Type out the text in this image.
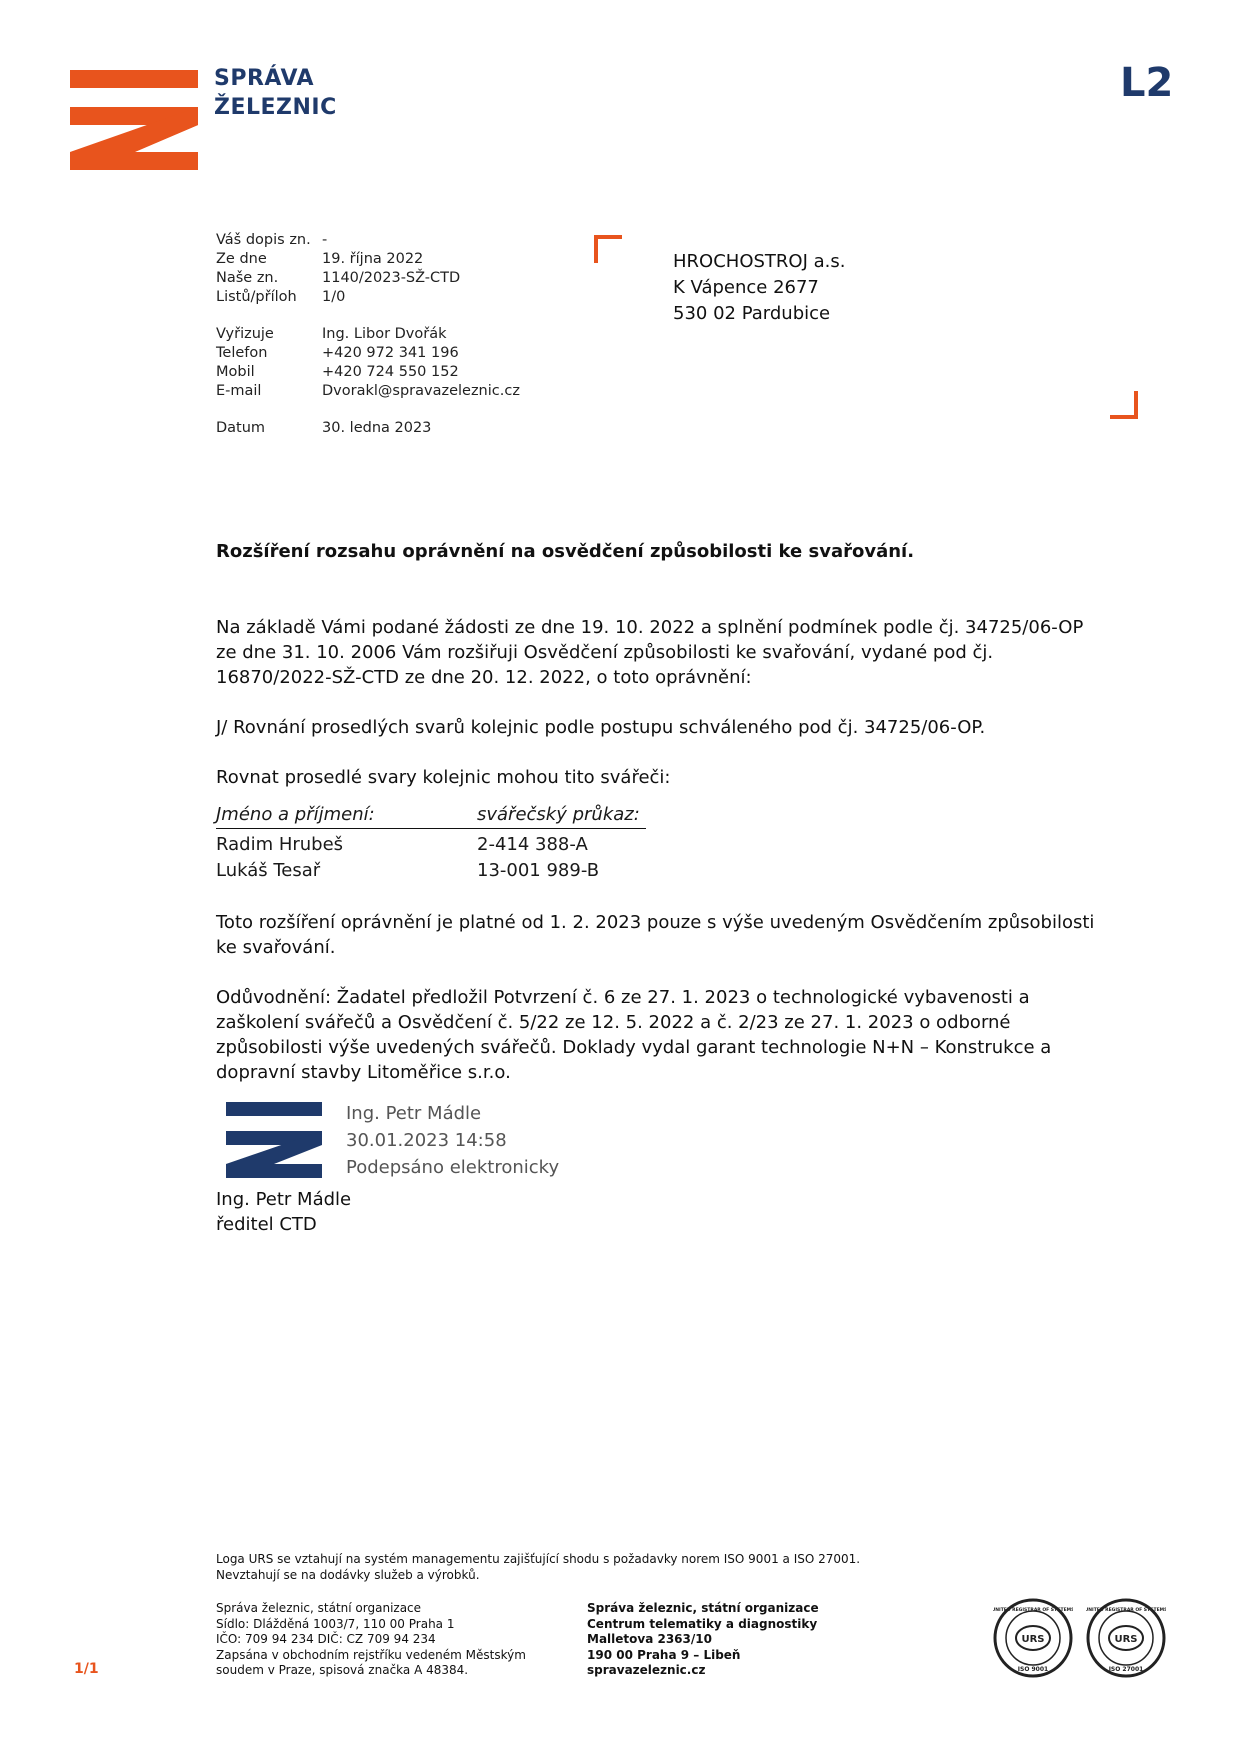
SPRÁVA
ŽELEZNIC
L2
Váš dopis zn. -
Ze dne	19. října 2022
Naše zn.	1140/2023-SŽ-CTD
Listů/příloh	1/0
Vyřizuje	Ing. Libor Dvořák
Telefon	+420 972 341 196
Mobil	+420 724 550 152
E-mail	Dvorakl@spravazeleznic.cz
Datum	30. ledna 2023
HROCHOSTROJ a.s.
K Vápence 2677
530 02 Pardubice
Rozšíření rozsahu oprávnění na osvědčení způsobilosti ke svařování.

Na základě Vámi podané žádosti ze dne 19. 10. 2022 a splnění podmínek podle čj. 34725/06-OP ze dne 31. 10. 2006 Vám rozšiřuji Osvědčení způsobilosti ke svařování, vydané pod čj. 16870/2022-SŽ-CTD ze dne 20. 12. 2022, o toto oprávnění:

J/ Rovnání prosedlých svarů kolejnic podle postupu schváleného pod čj. 34725/06-OP.

Rovnat prosedlé svary kolejnic mohou tito svářeči:

Jméno a příjmení:	svářečský průkaz:
Radim Hrubeš	2-414 388-A
Lukáš Tesař	13-001 989-B

Toto rozšíření oprávnění je platné od 1. 2. 2023 pouze s výše uvedeným Osvědčením způsobilosti ke svařování.

Odůvodnění: Žadatel předložil Potvrzení č. 6 ze 27. 1. 2023 o technologické vybavenosti a zaškolení svářečů a Osvědčení č. 5/22 ze 12. 5. 2022 a č. 2/23 ze 27. 1. 2023 o odborné způsobilosti výše uvedených svářečů. Doklady vydal garant technologie N+N – Konstrukce a dopravní stavby Litoměřice s.r.o.

Ing. Petr Mádle
30.01.2023 14:58
Podepsáno elektronicky
Ing. Petr Mádle
ředitel CTD
Loga URS se vztahují na systém managementu zajišťující shodu s požadavky norem ISO 9001 a ISO 27001.
Nevztahují se na dodávky služeb a výrobků.
Správa železnic, státní organizace
Sídlo: Dlážděná 1003/7, 110 00 Praha 1
IČO: 709 94 234 DIČ: CZ 709 94 234
Zapsána v obchodním rejstříku vedeném Městským
soudem v Praze, spisová značka A 48384.
Správa železnic, státní organizace
Centrum telematiky a diagnostiky
Malletova 2363/10
190 00 Praha 9 – Libeň
spravazeleznic.cz
1/1
URS
UNITED REGISTRAR OF SYSTEMS
ISO 9001
URS
UNITED REGISTRAR OF SYSTEMS
ISO 27001
